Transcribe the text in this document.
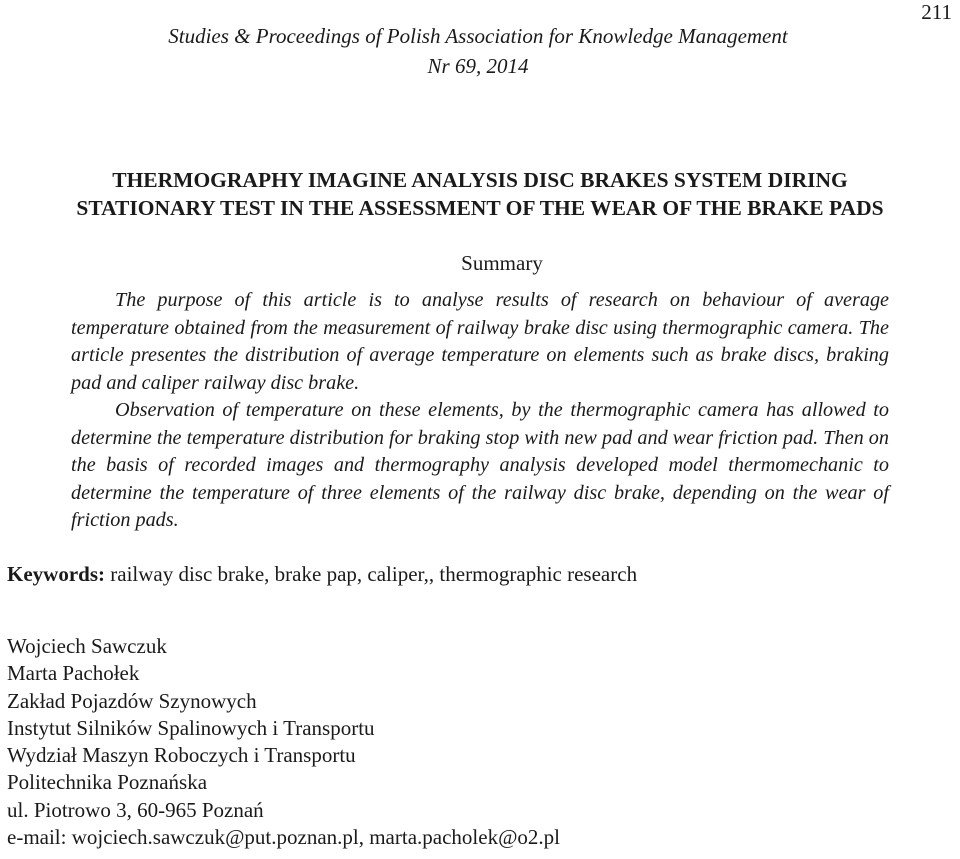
Studies & Proceedings of Polish Association for Knowledge Management
Nr 69, 2014
211
THERMOGRAPHY IMAGINE ANALYSIS DISC BRAKES SYSTEM DIRING
STATIONARY TEST IN THE ASSESSMENT OF THE WEAR OF THE BRAKE PADS
Summary

The purpose of this article is to analyse results of research on behaviour of average temperature obtained from the measurement of railway brake disc using thermographic camera. The article presentes the distribution of average temperature on elements such as brake discs, braking pad and caliper railway disc brake.

Observation of temperature on these elements, by the thermographic camera has allowed to determine the temperature distribution for braking stop with new pad and wear friction pad. Then on the basis of recorded images and thermography analysis developed model thermomechanic to determine the temperature of three elements of the railway disc brake, depending on the wear of friction pads.

Keywords: railway disc brake, brake pap, caliper,, thermographic research
Wojciech Sawczuk
Marta Pachołek
Zakład Pojazdów Szynowych
Instytut Silników Spalinowych i Transportu
Wydział Maszyn Roboczych i Transportu
Politechnika Poznańska
ul. Piotrowo 3, 60-965 Poznań
e-mail: wojciech.sawczuk@put.poznan.pl, marta.pacholek@o2.pl
